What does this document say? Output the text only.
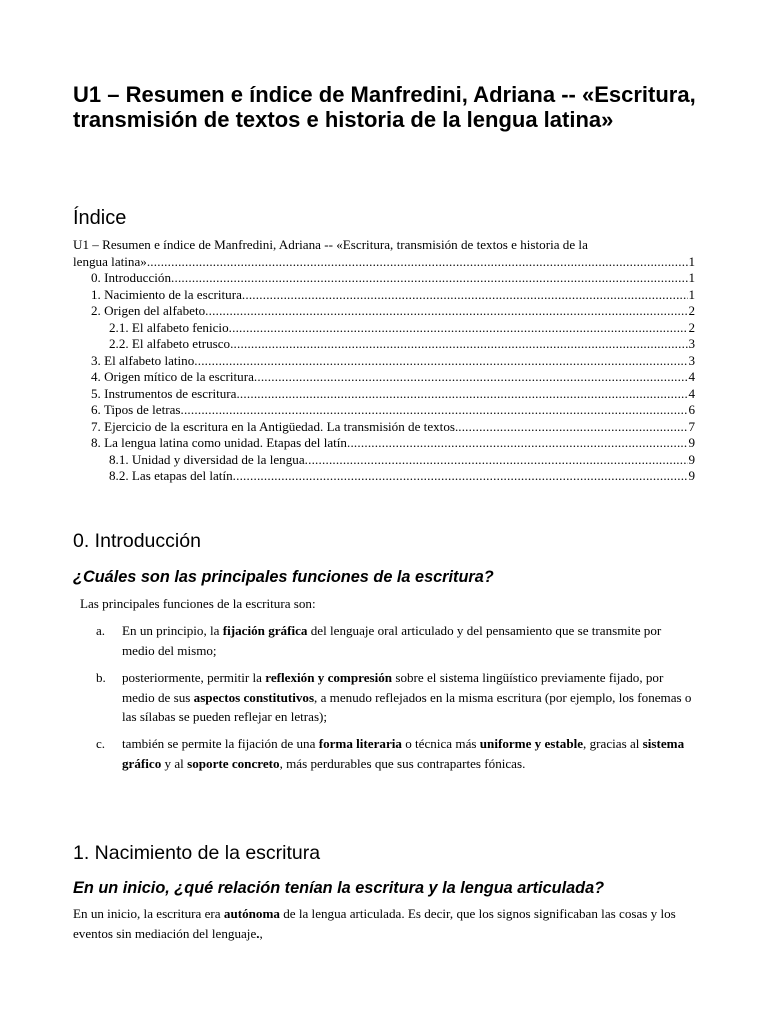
U1 – Resumen e índice de Manfredini, Adriana -- «Escritura, transmisión de textos e historia de la lengua latina»
Índice
U1 – Resumen e índice de Manfredini, Adriana -- «Escritura, transmisión de textos e historia de la
lengua latina» .....	1
0. Introducción .....	1
1. Nacimiento de la escritura .....	1
2. Origen del alfabeto .....	2
2.1. El alfabeto fenicio .....	2
2.2. El alfabeto etrusco .....	3
3. El alfabeto latino .....	3
4. Origen mítico de la escritura .....	4
5. Instrumentos de escritura .....	4
6. Tipos de letras .....	6
7. Ejercicio de la escritura en la Antigüedad. La transmisión de textos. .....	7
8. La lengua latina como unidad. Etapas del latín .....	9
8.1. Unidad y diversidad de la lengua .....	9
8.2. Las etapas del latín .....	9
0. Introducción
¿Cuáles son las principales funciones de la escritura?

Las principales funciones de la escritura son:

a.	En un principio, la fijación gráfica del lenguaje oral articulado y del pensamiento que se transmite por medio del mismo;
b.	posteriormente, permitir la reflexión y compresión sobre el sistema lingüístico previamente fijado, por medio de sus aspectos constitutivos, a menudo reflejados en la misma escritura (por ejemplo, los fonemas o las sílabas se pueden reflejar en letras);
c.	también se permite la fijación de una forma literaria o técnica más uniforme y estable, gracias al sistema gráfico y al soporte concreto, más perdurables que sus contrapartes fónicas.
1. Nacimiento de la escritura
En un inicio, ¿qué relación tenían la escritura y la lengua articulada?

En un inicio, la escritura era autónoma de la lengua articulada. Es decir, que los signos significaban las cosas y los eventos sin mediación del lenguaje.,
